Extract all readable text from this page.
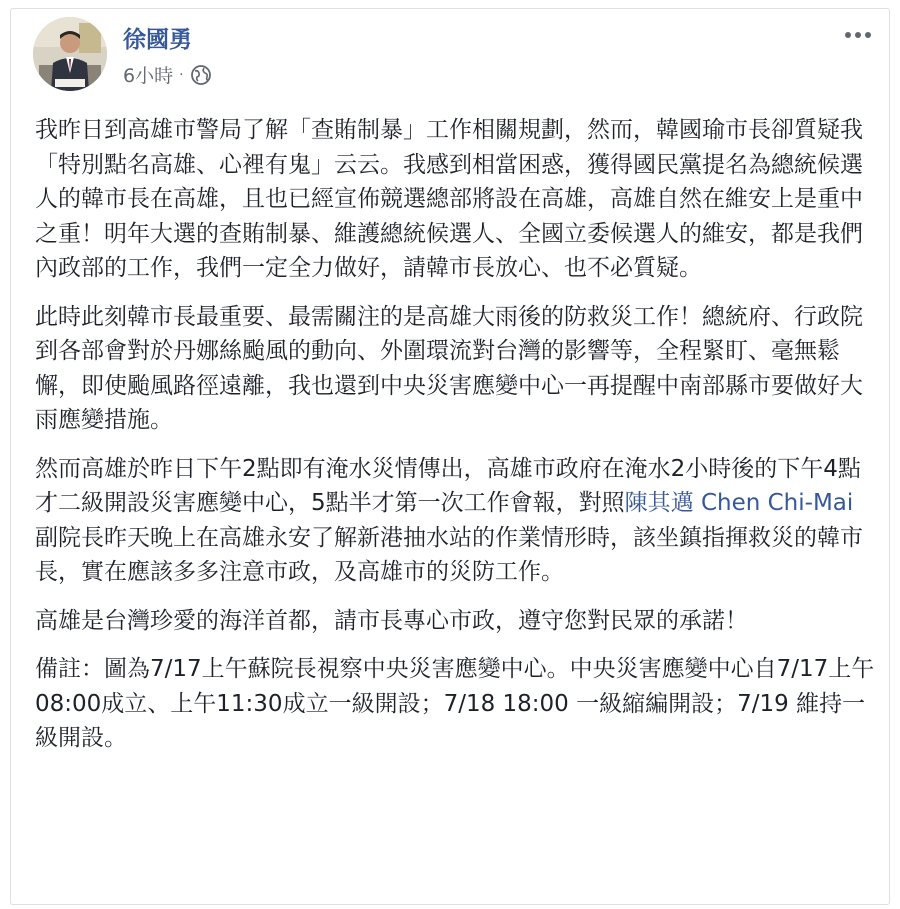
徐國勇
6小時 ·

我昨日到高雄市警局了解「查賄制暴」工作相關規劃，然而，韓國瑜市長卻質疑我「特別點名高雄、心裡有鬼」云云。我感到相當困惑，獲得國民黨提名為總統候選人的韓市長在高雄，且也已經宣佈競選總部將設在高雄，高雄自然在維安上是重中之重！明年大選的查賄制暴、維護總統候選人、全國立委候選人的維安，都是我們內政部的工作，我們一定全力做好，請韓市長放心、也不必質疑。

此時此刻韓市長最重要、最需關注的是高雄大雨後的防救災工作！總統府、行政院到各部會對於丹娜絲颱風的動向、外圍環流對台灣的影響等，全程緊盯、毫無鬆懈，即使颱風路徑遠離，我也還到中央災害應變中心一再提醒中南部縣市要做好大雨應變措施。

然而高雄於昨日下午2點即有淹水災情傳出，高雄市政府在淹水2小時後的下午4點才二級開設災害應變中心，5點半才第一次工作會報，對照陳其邁 Chen Chi-Mai 副院長昨天晚上在高雄永安了解新港抽水站的作業情形時，該坐鎮指揮救災的韓市長，實在應該多多注意市政，及高雄市的災防工作。

高雄是台灣珍愛的海洋首都，請市長專心市政，遵守您對民眾的承諾！

備註：圖為7/17上午蘇院長視察中央災害應變中心。中央災害應變中心自7/17上午08:00成立、上午11:30成立一級開設；7/18 18:00 一級縮編開設；7/19 維持一級開設。
